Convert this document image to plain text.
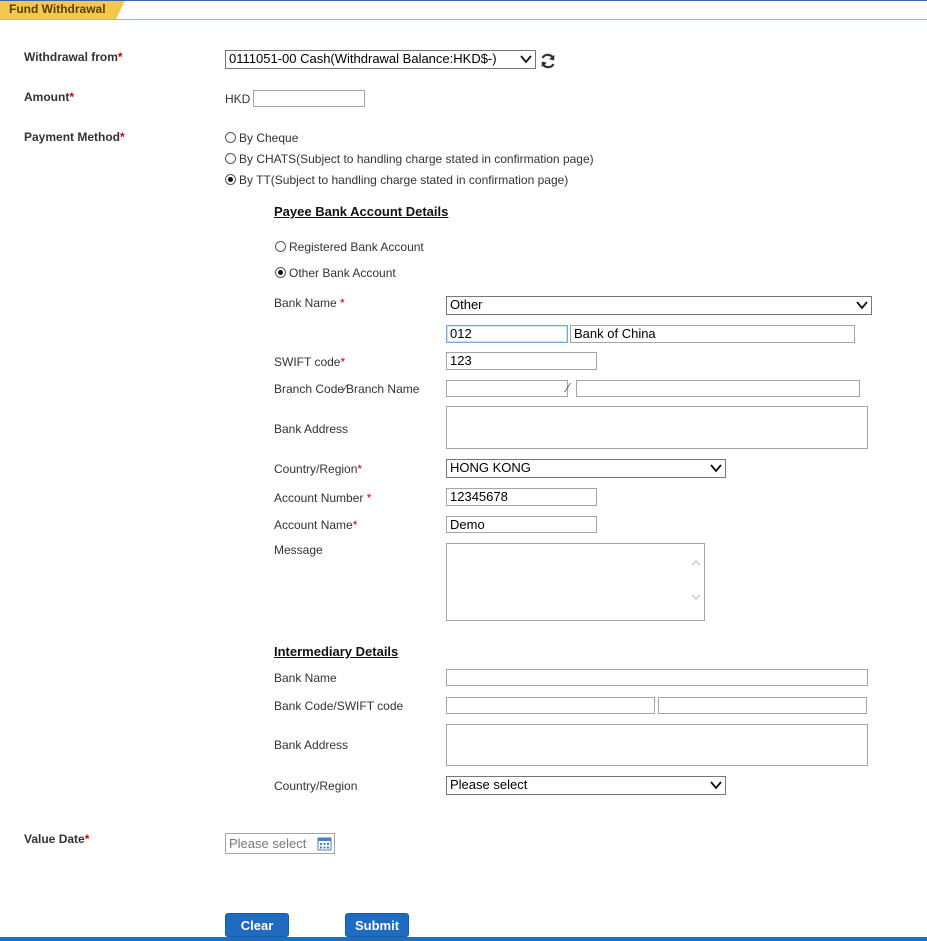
Fund Withdrawal
Withdrawal from*	0111051-00 Cash(Withdrawal Balance:HKD$-)
Amount*	HKD
Payment Method*	By Cheque
By CHATS(Subject to handling charge stated in confirmation page)
By TT(Subject to handling charge stated in confirmation page)
Payee Bank Account Details
Registered Bank Account
Other Bank Account
Bank Name *	Other
012	Bank of China
SWIFT code*	123
Branch Code∕Branch Name	∕
Bank Address
Country/Region*	HONG KONG
Account Number *	12345678
Account Name*	Demo
Message
Intermediary Details
Bank Name
Bank Code/SWIFT code
Bank Address
Country/Region	Please select
Value Date*	Please select
Clear	Submit
